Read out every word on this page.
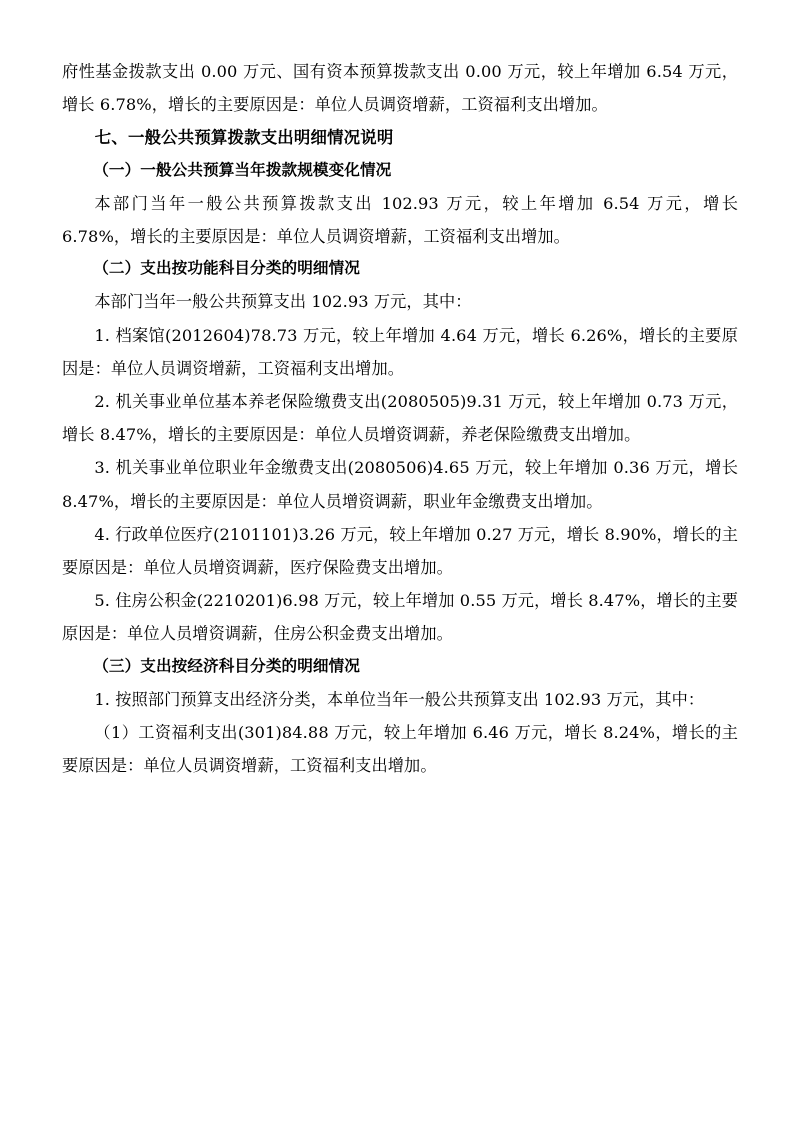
府性基金拨款支出 0.00 万元、国有资本预算拨款支出 0.00 万元，较上年增加 6.54 万元，增长 6.78%，增长的主要原因是：单位人员调资增薪，工资福利支出增加。

七、一般公共预算拨款支出明细情况说明

（一）一般公共预算当年拨款规模变化情况

本部门当年一般公共预算拨款支出 102.93 万元，较上年增加 6.54 万元，增长 6.78%，增长的主要原因是：单位人员调资增薪，工资福利支出增加。

（二）支出按功能科目分类的明细情况

本部门当年一般公共预算支出 102.93 万元，其中：

1. 档案馆(2012604)78.73 万元，较上年增加 4.64 万元，增长 6.26%，增长的主要原因是：单位人员调资增薪，工资福利支出增加。

2. 机关事业单位基本养老保险缴费支出(2080505)9.31 万元，较上年增加 0.73 万元，增长 8.47%，增长的主要原因是：单位人员增资调薪，养老保险缴费支出增加。

3. 机关事业单位职业年金缴费支出(2080506)4.65 万元，较上年增加 0.36 万元，增长 8.47%，增长的主要原因是：单位人员增资调薪，职业年金缴费支出增加。

4. 行政单位医疗(2101101)3.26 万元，较上年增加 0.27 万元，增长 8.90%，增长的主要原因是：单位人员增资调薪，医疗保险费支出增加。

5. 住房公积金(2210201)6.98 万元，较上年增加 0.55 万元，增长 8.47%，增长的主要原因是：单位人员增资调薪，住房公积金费支出增加。

（三）支出按经济科目分类的明细情况

1. 按照部门预算支出经济分类，本单位当年一般公共预算支出 102.93 万元，其中：

（1）工资福利支出(301)84.88 万元，较上年增加 6.46 万元，增长 8.24%，增长的主要原因是：单位人员调资增薪，工资福利支出增加。
